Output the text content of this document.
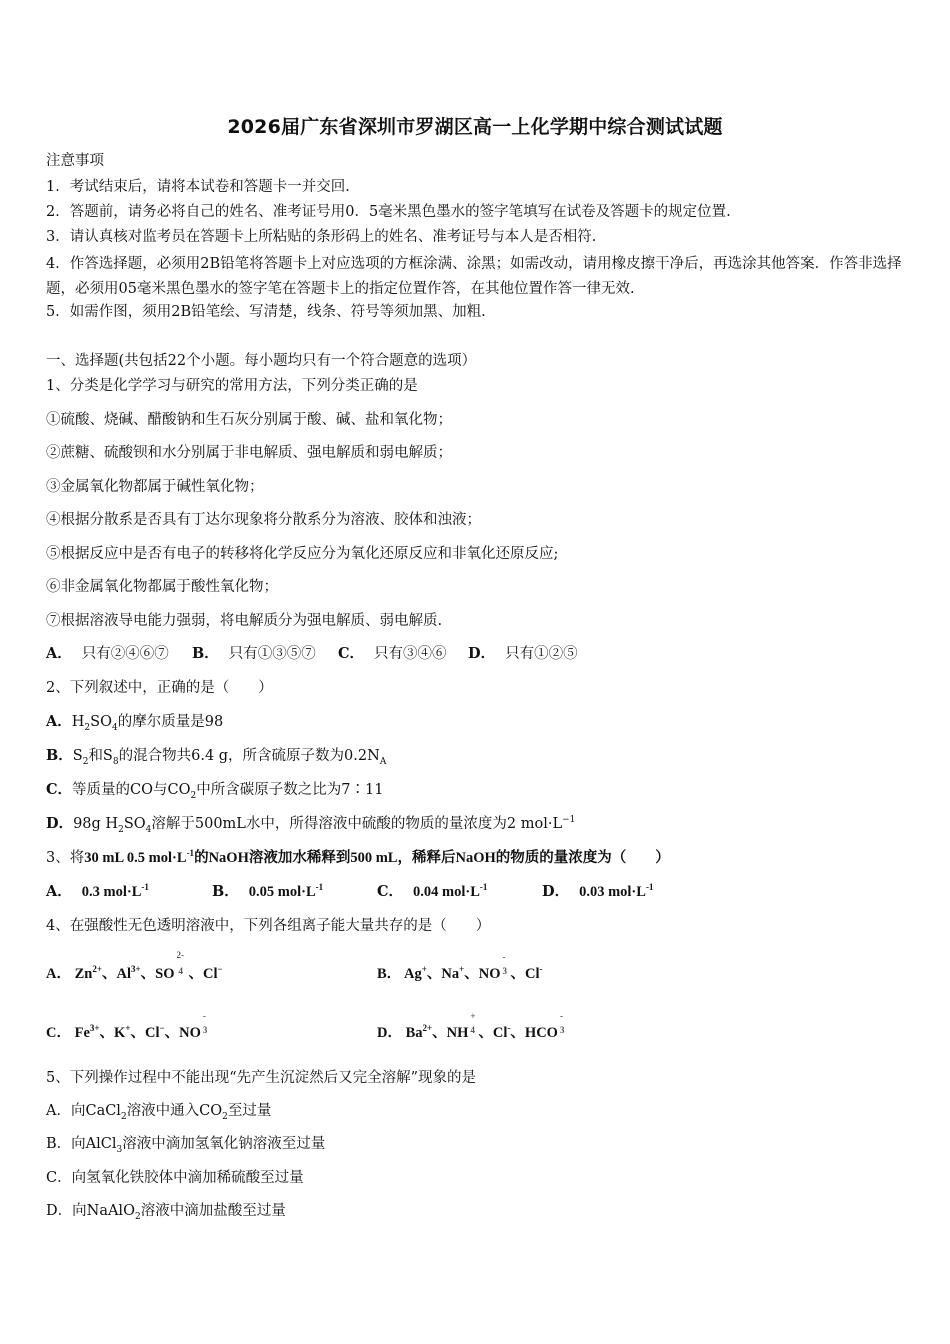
2026届广东省深圳市罗湖区高一上化学期中综合测试试题
注意事项
1．考试结束后，请将本试卷和答题卡一并交回.
2．答题前，请务必将自己的姓名、准考证号用0．5毫米黑色墨水的签字笔填写在试卷及答题卡的规定位置.
3．请认真核对监考员在答题卡上所粘贴的条形码上的姓名、准考证号与本人是否相符.
4．作答选择题，必须用2B铅笔将答题卡上对应选项的方框涂满、涂黑；如需改动，请用橡皮擦干净后，再选涂其他答案．作答非选择题，必须用05毫米黑色墨水的签字笔在答题卡上的指定位置作答，在其他位置作答一律无效.
5．如需作图，须用2B铅笔绘、写清楚，线条、符号等须加黑、加粗.
一、选择题(共包括22个小题。每小题均只有一个符合题意的选项）
1、分类是化学学习与研究的常用方法，下列分类正确的是
①硫酸、烧碱、醋酸钠和生石灰分别属于酸、碱、盐和氧化物；
②蔗糖、硫酸钡和水分别属于非电解质、强电解质和弱电解质；
③金属氧化物都属于碱性氧化物；
④根据分散系是否具有丁达尔现象将分散系分为溶液、胶体和浊液；
⑤根据反应中是否有电子的转移将化学反应分为氧化还原反应和非氧化还原反应;
⑥非金属氧化物都属于酸性氧化物；
⑦根据溶液导电能力强弱，将电解质分为强电解质、弱电解质.
A． 只有②④⑥⑦ B． 只有①③⑤⑦ C． 只有③④⑥ D． 只有①②⑤
2、下列叙述中，正确的是（　　）
A．$H_2SO_4$的摩尔质量是98
B．$S_2$和$S_8$的混合物共6.4 g，所含硫原子数为$0.2N_A$
C．等质量的CO与$CO_2$中所含碳原子数之比为7∶11
D．98g $H_2SO_4$溶解于500mL水中，所得溶液中硫酸的物质的量浓度为2 $mol\cdot L^{-1}$
3、将30 mL 0.5 $mol\cdot L^{-1}$的NaOH溶液加水稀释到500 mL，稀释后NaOH的物质的量浓度为（　　）
A． 0.3 $mol\cdot L^{-1}$	B． 0.05 $mol\cdot L^{-1}$	C． 0.04 $mol\cdot L^{-1}$	D． 0.03 $mol\cdot L^{-1}$
4、在强酸性无色透明溶液中，下列各组离子能大量共存的是（　　）
A． $Zn^{2+}$、$Al^{3+}$、SO
2-
4 、Cl−	B． Ag+、Na+、NO
-
3 、Cl-
C． $Fe^{3+}$、K+、Cl−、NO
-
3	D． $Ba^{2+}$、NH
+
4 、Cl-、HCO
-
3
5、下列操作过程中不能出现“先产生沉淀然后又完全溶解”现象的是
A．向CaCl$_2$溶液中通入$CO_2$至过量
B．向AlCl$_3$溶液中滴加氢氧化钠溶液至过量
C．向氢氧化铁胶体中滴加稀硫酸至过量
D．向NaAlO$_2$溶液中滴加盐酸至过量
